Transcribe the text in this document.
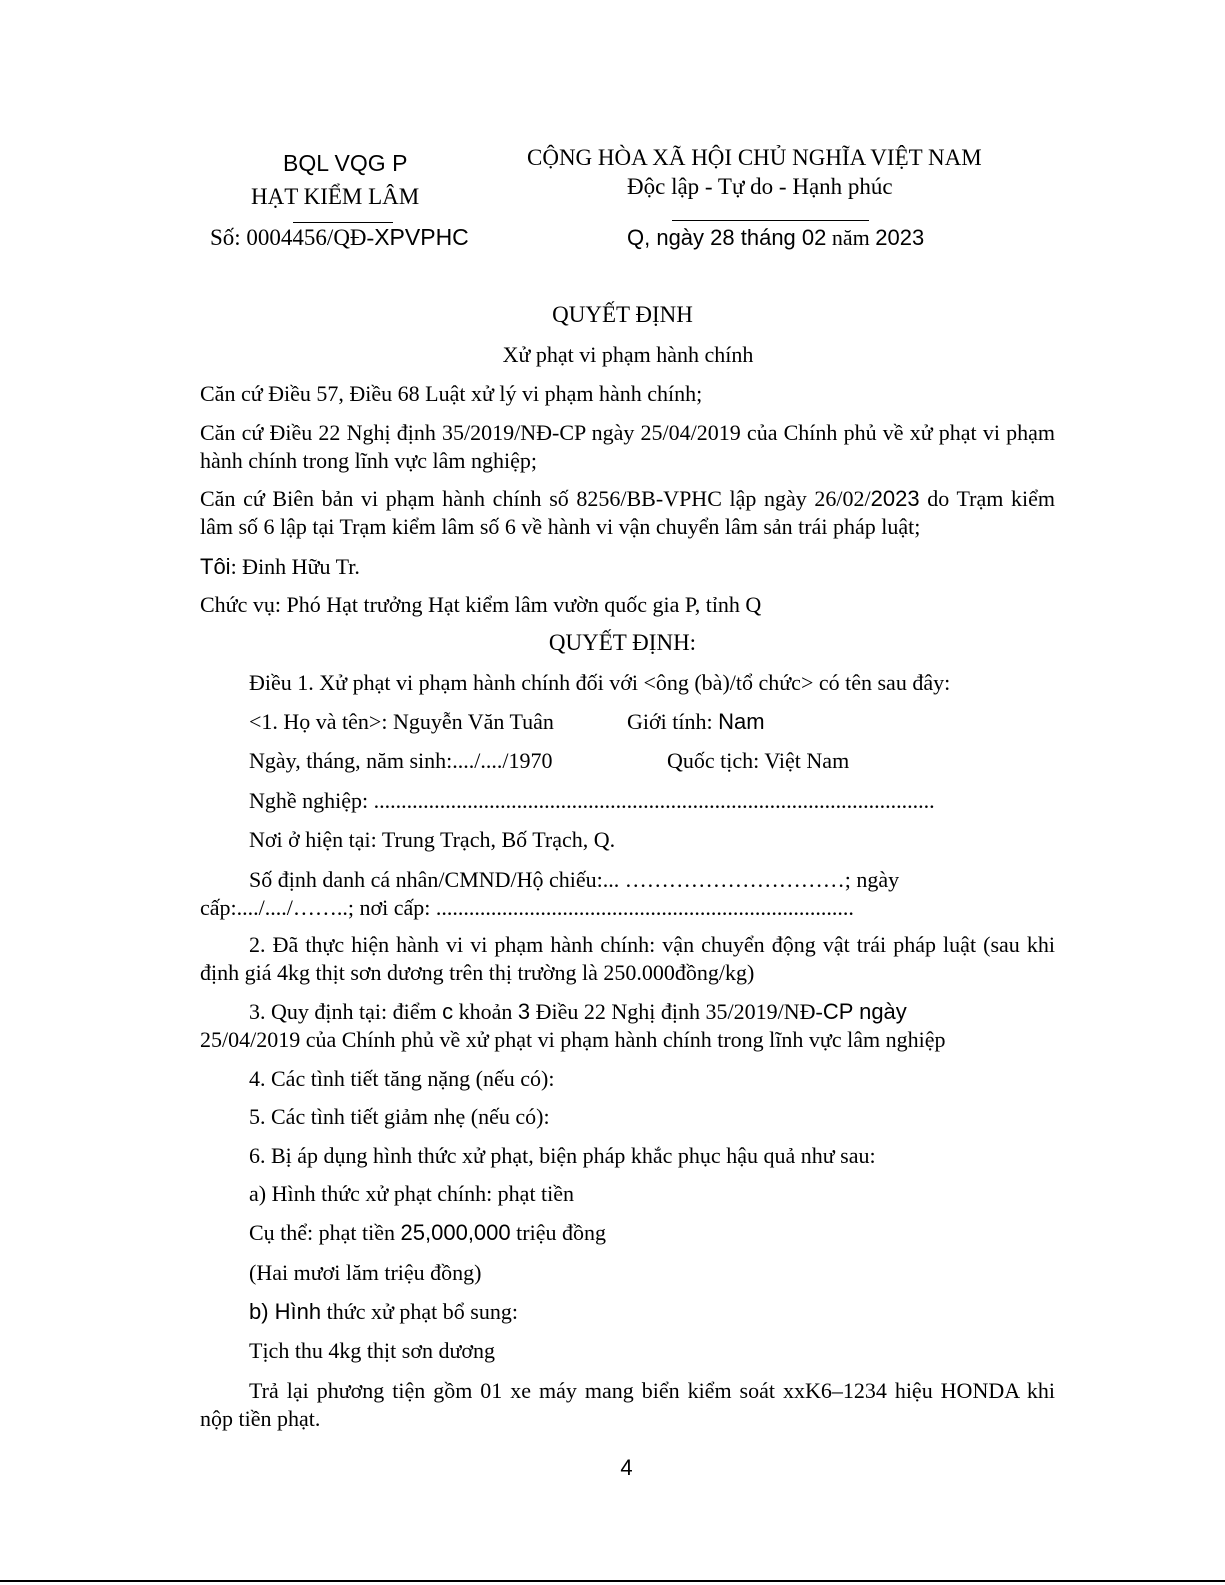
BQL VQG P
HẠT KIỂM LÂM
Số: 0004456/QĐ-XPVPHC
CỘNG HÒA XÃ HỘI CHỦ NGHĨA VIỆT NAM
Độc lập - Tự do - Hạnh phúc
Q, ngày 28 tháng 02 năm 2023
QUYẾT ĐỊNH
Xử phạt vi phạm hành chính
Căn cứ Điều 57, Điều 68 Luật xử lý vi phạm hành chính;
Căn cứ Điều 22 Nghị định 35/2019/NĐ-CP ngày 25/04/2019 của Chính phủ về xử phạt vi phạm hành chính trong lĩnh vực lâm nghiệp;
Căn cứ Biên bản vi phạm hành chính số 8256/BB-VPHC lập ngày 26/02/2023 do Trạm kiểm lâm số 6 lập tại Trạm kiểm lâm số 6 về hành vi vận chuyển lâm sản trái pháp luật;
Tôi: Đinh Hữu Tr.
Chức vụ: Phó Hạt trưởng Hạt kiểm lâm vườn quốc gia P, tỉnh Q
QUYẾT ĐỊNH:
Điều 1. Xử phạt vi phạm hành chính đối với <ông (bà)/tổ chức> có tên sau đây:
<1. Họ và tên>: Nguyễn Văn Tuân	Giới tính: Nam
Ngày, tháng, năm sinh:..../..../1970	Quốc tịch: Việt Nam
Nghề nghiệp: ......................................................................................................
Nơi ở hiện tại: Trung Trạch, Bố Trạch, Q.
Số định danh cá nhân/CMND/Hộ chiếu:... …………………………; ngày
cấp:..../..../……..; nơi cấp: ............................................................................
2. Đã thực hiện hành vi vi phạm hành chính: vận chuyển động vật trái pháp luật (sau khi định giá 4kg thịt sơn dương trên thị trường là 250.000đồng/kg)
3. Quy định tại: điểm c khoản 3 Điều 22 Nghị định 35/2019/NĐ-CP ngày
25/04/2019 của Chính phủ về xử phạt vi phạm hành chính trong lĩnh vực lâm nghiệp
4. Các tình tiết tăng nặng (nếu có):
5. Các tình tiết giảm nhẹ (nếu có):
6. Bị áp dụng hình thức xử phạt, biện pháp khắc phục hậu quả như sau:
a) Hình thức xử phạt chính: phạt tiền
Cụ thể: phạt tiền 25,000,000 triệu đồng
(Hai mươi lăm triệu đồng)
b) Hình thức xử phạt bổ sung:
Tịch thu 4kg thịt sơn dương
Trả lại phương tiện gồm 01 xe máy mang biển kiểm soát xxK6–1234 hiệu HONDA khi nộp tiền phạt.
4
